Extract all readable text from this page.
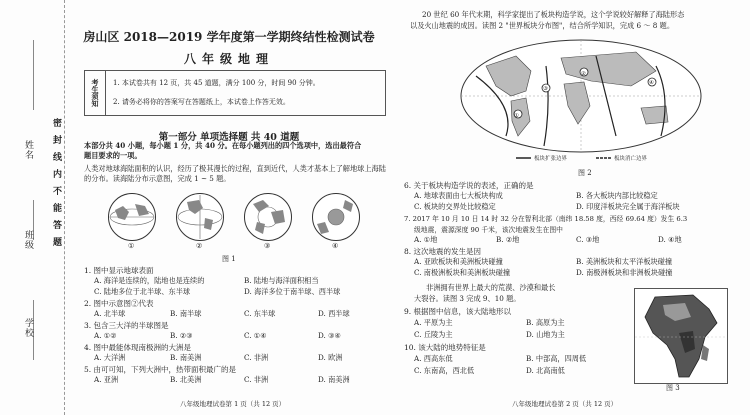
姓名
班级
学校
密封线内不能答题
房山区 2018—2019 学年度第一学期终结性检测试卷
八年级地理
考生须知	1. 本试卷共有 12 页，共 45 道题，满分 100 分，时间 90 分钟。
2. 请务必将你的答案写在答题纸上，本试卷上作答无效。
第一部分 单项选择题 共 40 道题
本部分共 40 小题，每小题 1 分，共 40 分。在每小题列出的四个选项中，选出最符合
题目要求的一项。
人类对地球海陆面积的认识，经历了极其漫长的过程，直到近代，人类才基本上了解地球上海陆
的分布。读海陆分布示意图，完成 1 ~ 5 题。
①	②	③	④
图 1
1. 图中显示地球表面
A. 海洋是连续的，陆地也是连续的	B. 陆地与海洋面积相当
C. 陆地多位于北半球、东半球	D. 海洋多位于南半球、西半球
2. 图中示意图②代表
A. 北半球	B. 南半球	C. 东半球	D. 西半球
3. 包含三大洋的半球图是
A. ①②	B. ②③	C. ①④	D. ③④
4. 图中最能体现南极洲的大洲是
A. 大洋洲	B. 南美洲	C. 非洲	D. 欧洲
5. 由可可知，下列大洲中，热带面积最广的是
A. 亚洲	B. 北美洲	C. 非洲	D. 南美洲
八年级地理试卷第 1 页（共 12 页）
20 世纪 60 年代末期，科学家提出了板块构造学说，这个学说较好解释了海陆形态
以及火山地震的成因。读图 2 "世界板块分布图"，结合所学知识，完成 6 ～ 8 题。
①
②
③
④
板块扩张边界	板块消亡边界
图 2
6. 关于板块构造学说的表述，正确的是
A. 地球表面由七大板块构成	B. 各大板块内部比较稳定
C. 板块的交界处比较稳定	D. 印度洋板块完全属于海洋板块
7. 2017 年 10 月 10 日 14 时 32 分在智利北部（南纬 18.58 度，西经 69.64 度）发生 6.3
级地震，震源深度 90 千米，该次地震发生在图中
A. ①地	B. ②地	C. ③地	D. ④地
8. 这次地震的发生是因
A. 亚欧板块和美洲板块碰撞	B. 美洲板块和太平洋板块碰撞
C. 南极洲板块和美洲板块碰撞	D. 南极洲板块和非洲板块碰撞
非洲拥有世界上最大的荒漠、沙漠和最长
大裂谷。读图 3 完成 9、10 题。
9. 根据图中信息，该大陆地形以
A. 平原为主	B. 高原为主
C. 丘陵为主	D. 山地为主
10. 该大陆的地势特征是
A. 西高东低	B. 中部高，四周低
C. 东南高，西北低	D. 北高南低
图 3
八年级地理试卷第 2 页（共 12 页）
